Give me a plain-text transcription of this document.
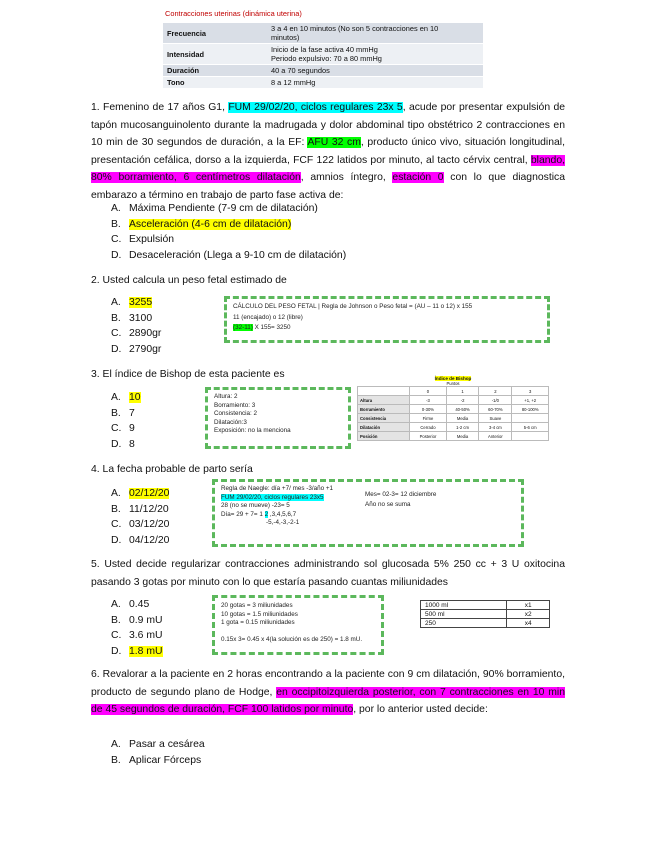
Contracciones uterinas (dinámica uterina)
Frecuencia	3 a 4 en 10 minutos (No son 5 contracciones en 10
minutos)

Intensidad	Inicio de la fase activa 40 mmHg
Periodo expulsivo: 70 a 80 mmHg

Duración	40 a 70 segundos

Tono	8 a 12 mmHg
1. Femenino de 17 años G1, FUM 29/02/20, ciclos regulares 23x 5, acude por presentar expulsión de tapón mucosanguinolento durante la madrugada y dolor abdominal tipo obstétrico 2 contracciones en 10 min de 30 segundos de duración, a la EF: AFU 32 cm, producto único vivo, situación longitudinal, presentación cefálica, dorso a la izquierda, FCF 122 latidos por minuto, al tacto cérvix central, blando, 80% borramiento, 6 centímetros dilatación, amnios íntegro, estación 0 con lo que diagnostica embarazo a término en trabajo de parto fase activa de:
A. Máxima Pendiente (7-9 cm de dilatación)
B. Asceleración (4-6 cm de dilatación)
C. Expulsión
D. Desaceleración (Llega a 9-10 cm de dilatación)
2. Usted calcula un peso fetal estimado de
A. 3255
B. 3100
C. 2890gr
D. 2790gr
CÁLCULO DEL PESO FETAL | Regla de Johnson o Peso fetal = (AU – 11 o 12) x 155
11 (encajado) o 12 (libre)
(32-11) X 155= 3250
3. El índice de Bishop de esta paciente es
A. 10
B. 7
C. 9
D. 8
Altura: 2
Borramiento: 3
Consistencia: 2
Dilatación:3
Exposición: no la menciona
Índice de Bishop
Puntos
	0	1	2	3
Altura	-3	-2	-1/0	+1, +2
Borramiento	0-30%	40-50%	60-70%	80-100%
Consistencia	Firme	Media	Suave	
Dilatación	Cerrado	1-2 cm	3-4 cm	5-6 cm
Posición	Posterior	Media	Anterior	
4. La fecha probable de parto sería
A. 02/12/20
B. 11/12/20
C. 03/12/20
D. 04/12/20
Regla de Naegle: día +7/ mes -3/año +1
FUM 29/02/20, ciclos regulares 23x5
28 (no se mueve) -23= 5
Día= 29 + 7= 1 2 ,3,4,5,6,7
-5,-4,-3,-2-1
Mes= 02-3= 12 diciembre
Año no se suma
5. Usted decide regularizar contracciones administrando sol glucosada 5% 250 cc + 3 U oxitocina pasando 3 gotas por minuto con lo que estaría pasando cuantas miliunidades
A. 0.45
B. 0.9 mU
C. 3.6 mU
D. 1.8 mU
20 gotas = 3 miliunidades
10 gotas = 1.5 miliunidades
1 gota = 0.15 miliunidades
0.15x 3= 0.45 x 4(la solución es de 250) = 1.8 mU.
1000 ml	x1
500 ml	x2
250	x4
6. Revalorar a la paciente en 2 horas encontrando a la paciente con 9 cm dilatación, 90% borramiento, producto de segundo plano de Hodge, en occipitoizquierda posterior, con 7 contracciones en 10 min de 45 segundos de duración, FCF 100 latidos por minuto, por lo anterior usted decide:
A. Pasar a cesárea
B. Aplicar Fórceps
